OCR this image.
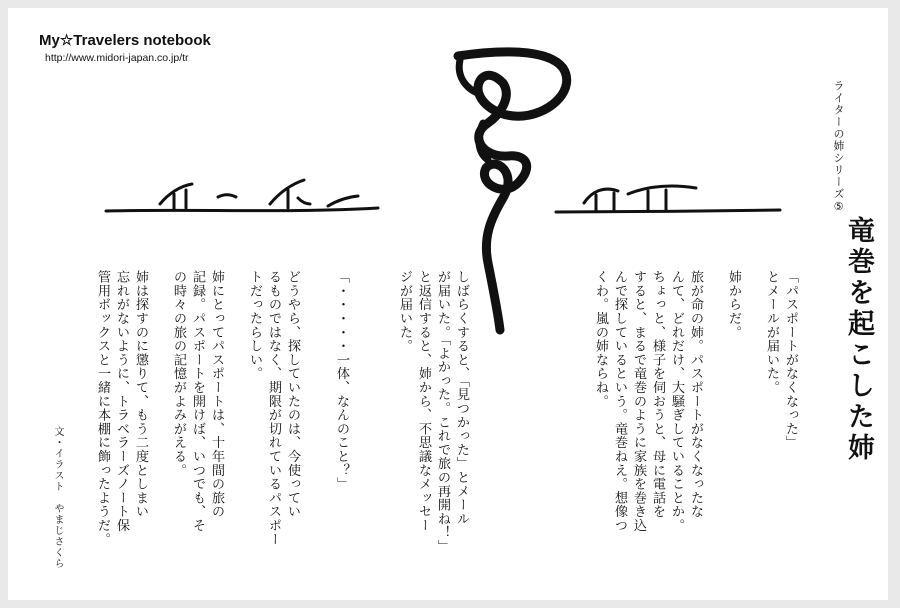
My☆Travelers notebook
http://www.midori-japan.co.jp/tr
ライターの姉シリーズ⑤
竜巻を起こした姉
「パスポートがなくなった」
とメールが届いた。
姉からだ。
旅が命の姉。パスポートがなくなったな
んて、どれだけ、大騒ぎしていることか。
ちょっと、様子を伺おうと、母に電話を
すると、まるで竜巻のように家族を巻き込
んで探しているという。竜巻ねえ。想像つ
くわ。嵐の姉ならね。
しばらくすると、「見つかった」とメール
が届いた。「よかった。これで旅の再開ね！」
と返信すると、姉から、不思議なメッセー
ジが届いた。
「・・・・・一体、なんのこと？」
どうやら、探していたのは、今使ってい
るものではなく、期限が切れているパスポー
トだったらしい。
姉にとってパスポートは、十年間の旅の
記録。パスポートを開けば、いつでも、そ
の時々の旅の記憶がよみがえる。
姉は探すのに懲りて、もう二度としまい
忘れがないように、トラベラーズノート保
管用ボックスと一緒に本棚に飾ったようだ。
文・イラスト　やまじさくら
